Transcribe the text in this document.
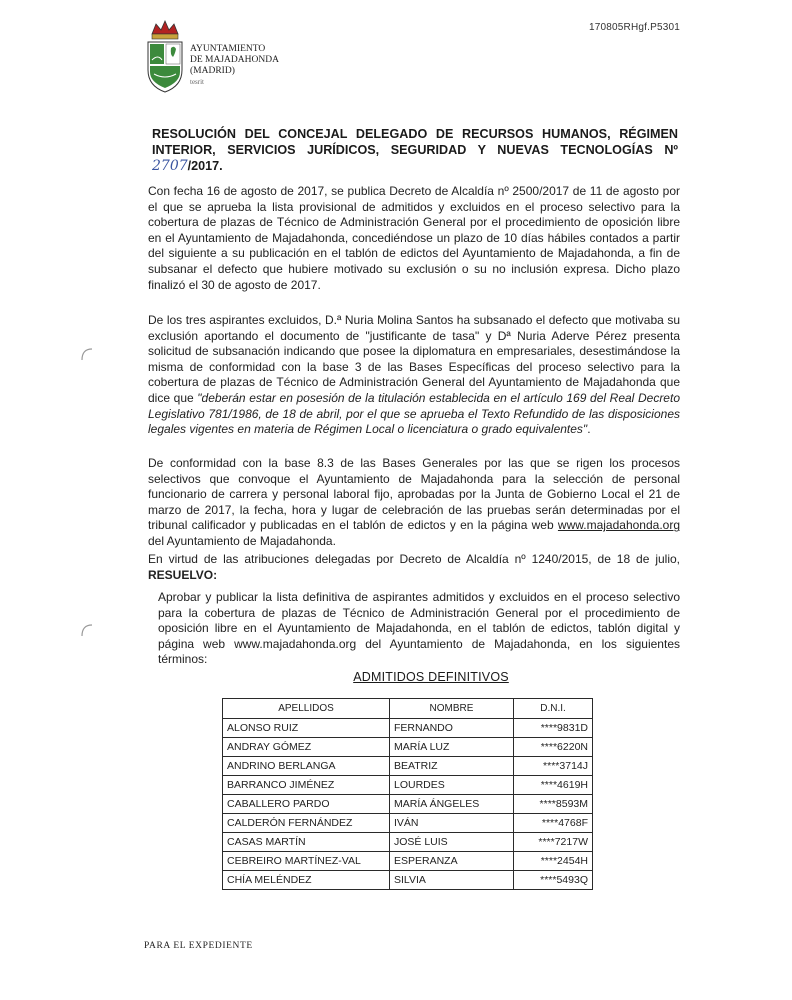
170805RHgf.P5301
AYUNTAMIENTO
DE MAJADAHONDA
(MADRID)
tesrit
RESOLUCIÓN DEL CONCEJAL DELEGADO DE RECURSOS HUMANOS, RÉGIMEN INTERIOR, SERVICIOS JURÍDICOS, SEGURIDAD Y NUEVAS TECNOLOGÍAS Nº 2707/2017.
Con fecha 16 de agosto de 2017, se publica Decreto de Alcaldía nº 2500/2017 de 11 de agosto por el que se aprueba la lista provisional de admitidos y excluidos en el proceso selectivo para la cobertura de plazas de Técnico de Administración General por el procedimiento de oposición libre en el Ayuntamiento de Majadahonda, concediéndose un plazo de 10 días hábiles contados a partir del siguiente a su publicación en el tablón de edictos del Ayuntamiento de Majadahonda, a fin de subsanar el defecto que hubiere motivado su exclusión o su no inclusión expresa. Dicho plazo finalizó el 30 de agosto de 2017.
De los tres aspirantes excluidos, D.ª Nuria Molina Santos ha subsanado el defecto que motivaba su exclusión aportando el documento de "justificante de tasa" y Dª Nuria Aderve Pérez presenta solicitud de subsanación indicando que posee la diplomatura en empresariales, desestimándose la misma de conformidad con la base 3 de las Bases Específicas del proceso selectivo para la cobertura de plazas de Técnico de Administración General del Ayuntamiento de Majadahonda que dice que "deberán estar en posesión de la titulación establecida en el artículo 169 del Real Decreto Legislativo 781/1986, de 18 de abril, por el que se aprueba el Texto Refundido de las disposiciones legales vigentes en materia de Régimen Local o licenciatura o grado equivalentes".
De conformidad con la base 8.3 de las Bases Generales por las que se rigen los procesos selectivos que convoque el Ayuntamiento de Majadahonda para la selección de personal funcionario de carrera y personal laboral fijo, aprobadas por la Junta de Gobierno Local el 21 de marzo de 2017, la fecha, hora y lugar de celebración de las pruebas serán determinadas por el tribunal calificador y publicadas en el tablón de edictos y en la página web www.majadahonda.org del Ayuntamiento de Majadahonda.
En virtud de las atribuciones delegadas por Decreto de Alcaldía nº 1240/2015, de 18 de julio, RESUELVO:
Aprobar y publicar la lista definitiva de aspirantes admitidos y excluidos en el proceso selectivo para la cobertura de plazas de Técnico de Administración General por el procedimiento de oposición libre en el Ayuntamiento de Majadahonda, en el tablón de edictos, tablón digital y página web www.majadahonda.org del Ayuntamiento de Majadahonda, en los siguientes términos:
ADMITIDOS DEFINITIVOS
APELLIDOS	NOMBRE	D.N.I.
ALONSO RUIZ	FERNANDO	****9831D
ANDRAY GÓMEZ	MARÍA LUZ	****6220N
ANDRINO BERLANGA	BEATRIZ	****3714J
BARRANCO JIMÉNEZ	LOURDES	****4619H
CABALLERO PARDO	MARÍA ÁNGELES	****8593M
CALDERÓN FERNÁNDEZ	IVÁN	****4768F
CASAS MARTÍN	JOSÉ LUIS	****7217W
CEBREIRO MARTÍNEZ-VAL	ESPERANZA	****2454H
CHÍA MELÉNDEZ	SILVIA	****5493Q
PARA EL EXPEDIENTE
